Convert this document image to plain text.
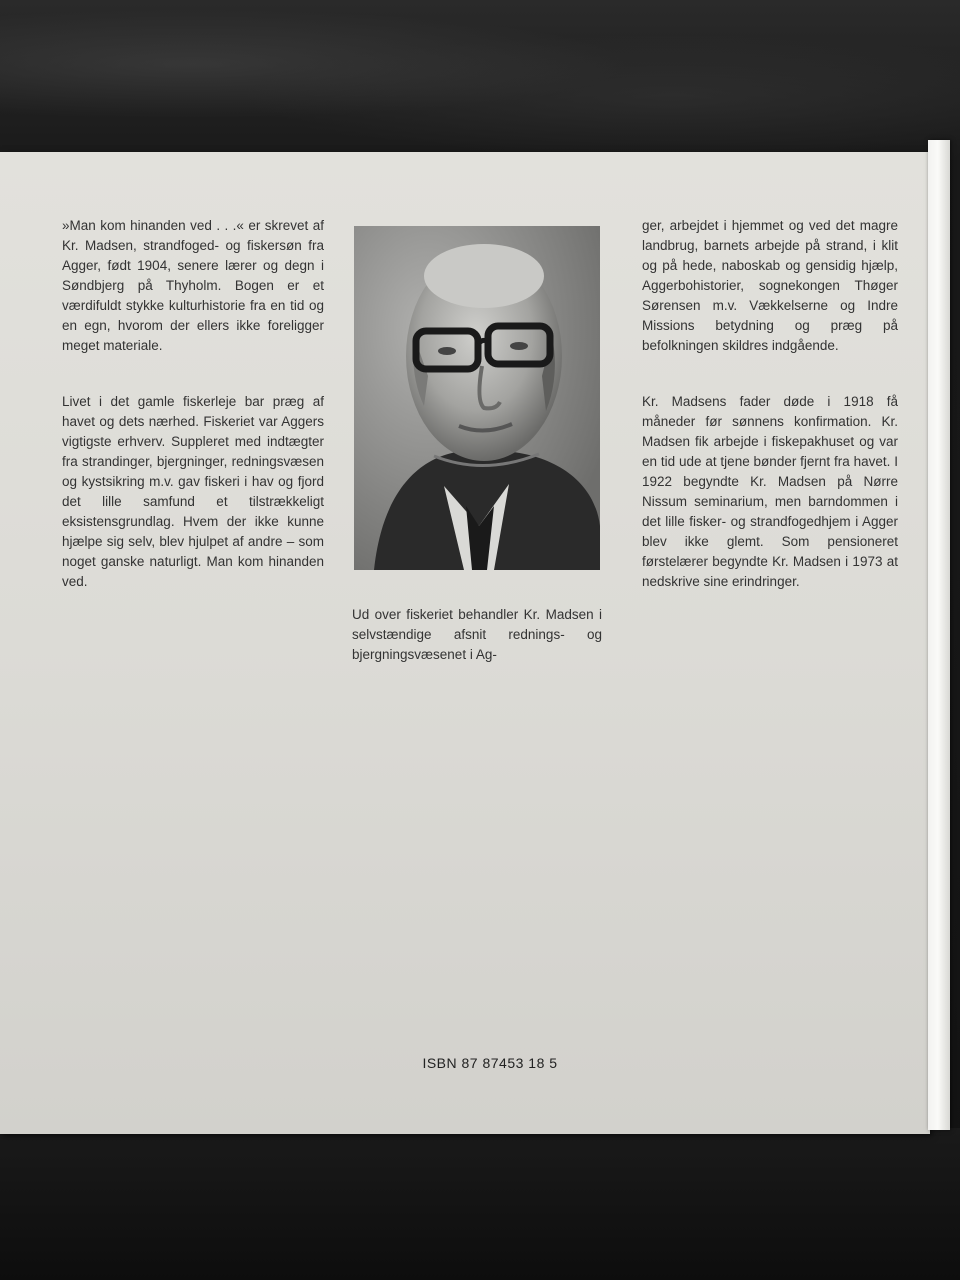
»Man kom hinanden ved . . .« er skrevet af Kr. Madsen, strandfoged- og fiskersøn fra Agger, født 1904, senere lærer og degn i Søndbjerg på Thyholm. Bogen er et værdifuldt stykke kulturhistorie fra en tid og en egn, hvorom der ellers ikke foreligger meget materiale.

Livet i det gamle fiskerleje bar præg af havet og dets nærhed. Fiskeriet var Aggers vigtigste erhverv. Suppleret med indtægter fra strandinger, bjergninger, redningsvæsen og kystsikring m.v. gav fiskeri i hav og fjord det lille samfund et tilstrækkeligt eksistensgrundlag. Hvem der ikke kunne hjælpe sig selv, blev hjulpet af andre – som noget ganske naturligt. Man kom hinanden ved.

Ud over fiskeriet behandler Kr. Madsen i selvstændige afsnit rednings- og bjergningsvæsenet i Ag-

ger, arbejdet i hjemmet og ved det magre landbrug, barnets arbejde på strand, i klit og på hede, naboskab og gensidig hjælp, Aggerbohistorier, sognekongen Thøger Sørensen m.v. Vækkelserne og Indre Missions betydning og præg på befolkningen skildres indgående.

Kr. Madsens fader døde i 1918 få måneder før sønnens konfirmation. Kr. Madsen fik arbejde i fiskepakhuset og var en tid ude at tjene bønder fjernt fra havet. I 1922 begyndte Kr. Madsen på Nørre Nissum seminarium, men barndommen i det lille fisker- og strandfogedhjem i Agger blev ikke glemt. Som pensioneret førstelærer begyndte Kr. Madsen i 1973 at nedskrive sine erindringer.

ISBN 87 87453 18 5
